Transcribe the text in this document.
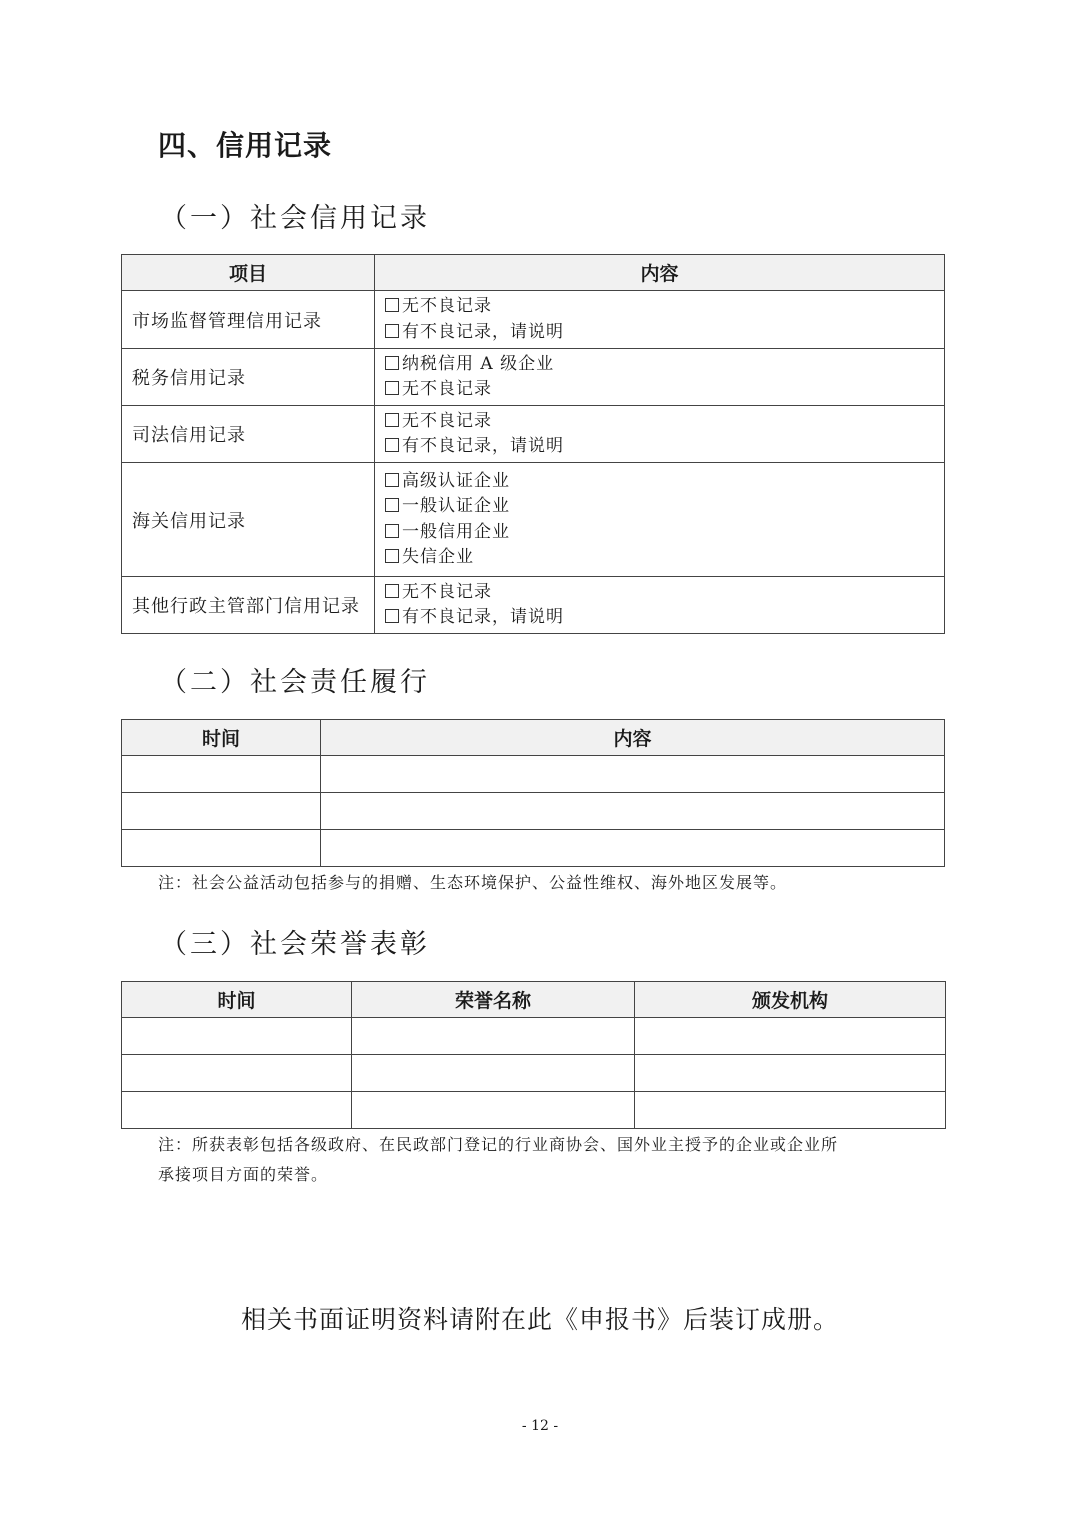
四、信用记录
（一）社会信用记录
项目	内容
市场监督管理信用记录	无不良记录
有不良记录，请说明

税务信用记录	纳税信用 A 级企业
无不良记录

司法信用记录	无不良记录
有不良记录，请说明

海关信用记录	高级认证企业
一般认证企业
一般信用企业
失信企业

其他行政主管部门信用记录	无不良记录
有不良记录，请说明
（二）社会责任履行
时间	内容

注：社会公益活动包括参与的捐赠、生态环境保护、公益性维权、海外地区发展等。
（三）社会荣誉表彰
时间	荣誉名称	颁发机构

注：所获表彰包括各级政府、在民政部门登记的行业商协会、国外业主授予的企业或企业所
承接项目方面的荣誉。
相关书面证明资料请附在此《申报书》后装订成册。
- 12 -
